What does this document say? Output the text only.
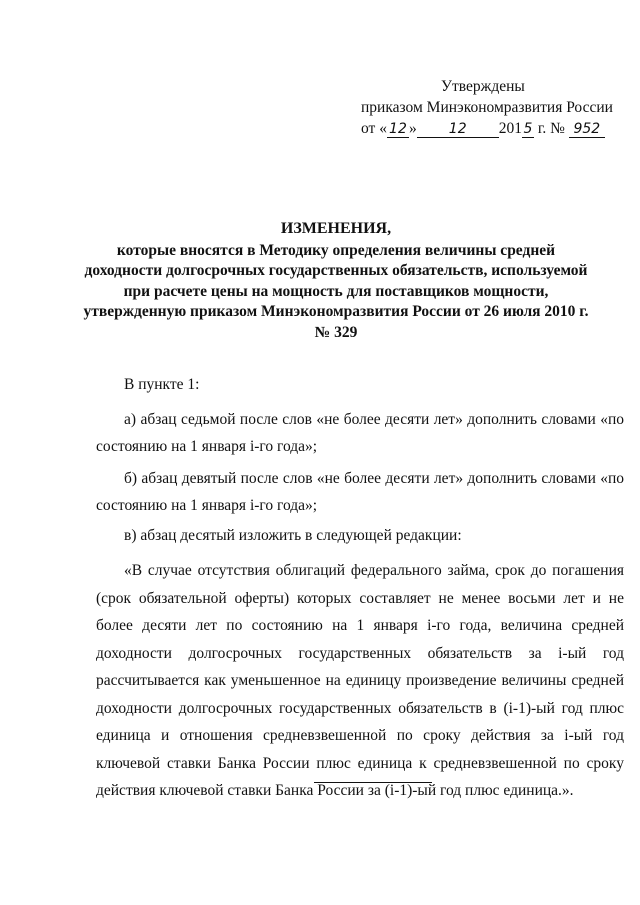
Утверждены
приказом Минэкономразвития России
от « 12 » 12 201 5 г. № 952
ИЗМЕНЕНИЯ,
которые вносятся в Методику определения величины средней доходности долгосрочных государственных обязательств, используемой при расчете цены на мощность для поставщиков мощности, утвержденную приказом Минэкономразвития России от 26 июля 2010 г. № 329

В пункте 1:

а) абзац седьмой после слов «не более десяти лет» дополнить словами «по состоянию на 1 января i-го года»;

б) абзац девятый после слов «не более десяти лет» дополнить словами «по состоянию на 1 января i-го года»;

в) абзац десятый изложить в следующей редакции:

«В случае отсутствия облигаций федерального займа, срок до погашения (срок обязательной оферты) которых составляет не менее восьми лет и не более десяти лет по состоянию на 1 января i-го года, величина средней доходности долгосрочных государственных обязательств за i-ый год рассчитывается как уменьшенное на единицу произведение величины средней доходности долгосрочных государственных обязательств в (i-1)-ый год плюс единица и отношения средневзвешенной по сроку действия за i-ый год ключевой ставки Банка России плюс единица к средневзвешенной по сроку действия ключевой ставки Банка России за (i-1)-ый год плюс единица.».
